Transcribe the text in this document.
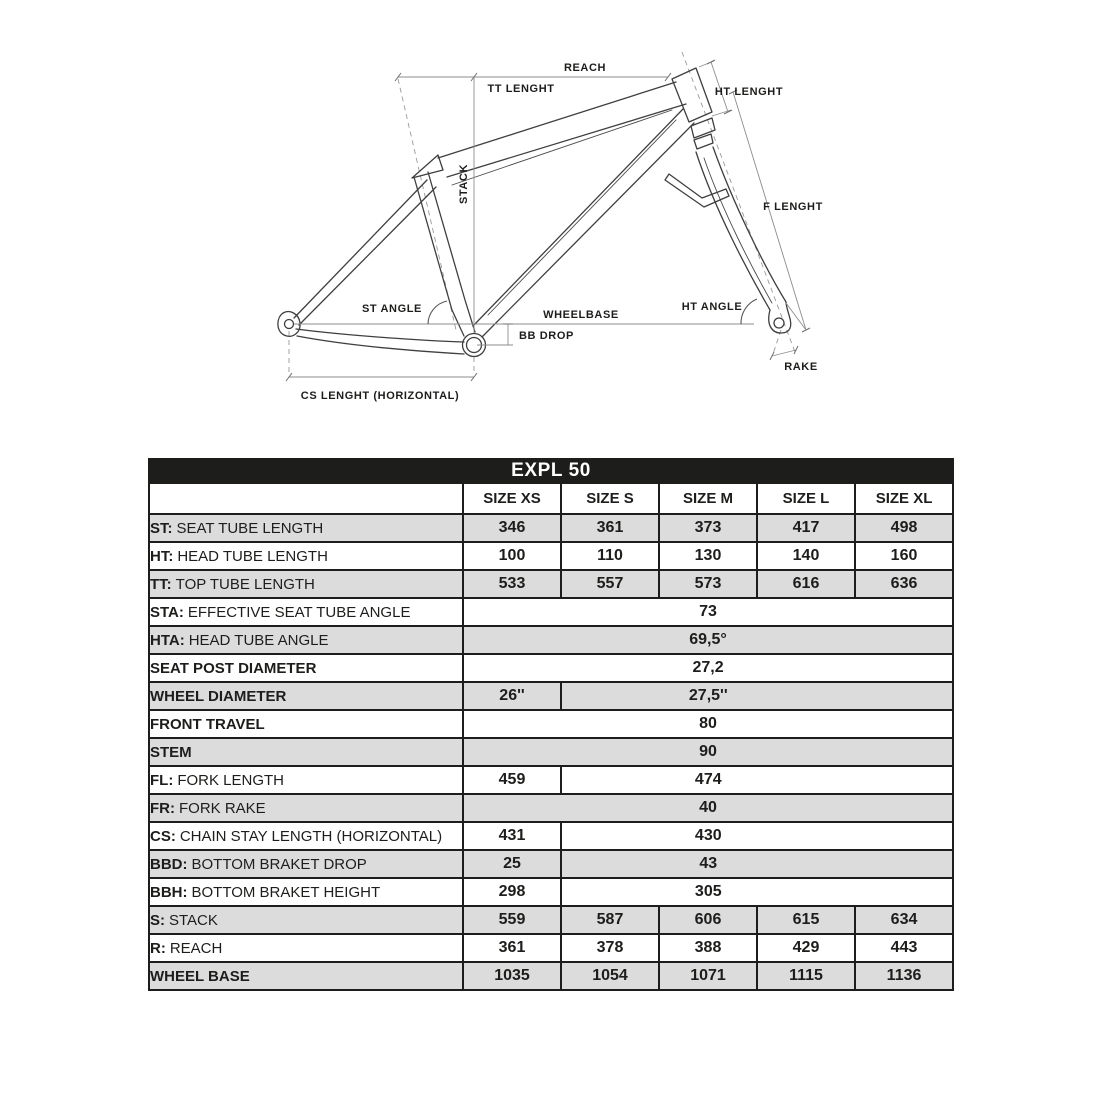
REACH
TT LENGHT	HT LENGHT
STACK
F LENGHT
ST ANGLE	WHEELBASE
BB DROP
HT ANGLE
RAKE
CS LENGHT (HORIZONTAL)
EXPL 50					
	SIZE XS	SIZE S	SIZE M	SIZE L	SIZE XL
ST: SEAT TUBE LENGTH	346	361	373	417	498
HT: HEAD TUBE LENGTH	100	110	130	140	160
TT: TOP TUBE LENGTH	533	557	573	616	636
STA: EFFECTIVE SEAT TUBE ANGLE	73				
HTA: HEAD TUBE ANGLE	69,5°				
SEAT POST DIAMETER	27,2				
WHEEL DIAMETER	26''	27,5''			

FRONT TRAVEL	80				
STEM	90				
FL: FORK LENGTH	459	474			

FR: FORK RAKE	40				
CS: CHAIN STAY LENGTH (HORIZONTAL)	431	430			

BBD: BOTTOM BRAKET DROP	25	43			

BBH: BOTTOM BRAKET HEIGHT	298	305			

S: STACK	559	587	606	615	634
R: REACH	361	378	388	429	443
WHEEL BASE	1035	1054	1071	1115	1136
